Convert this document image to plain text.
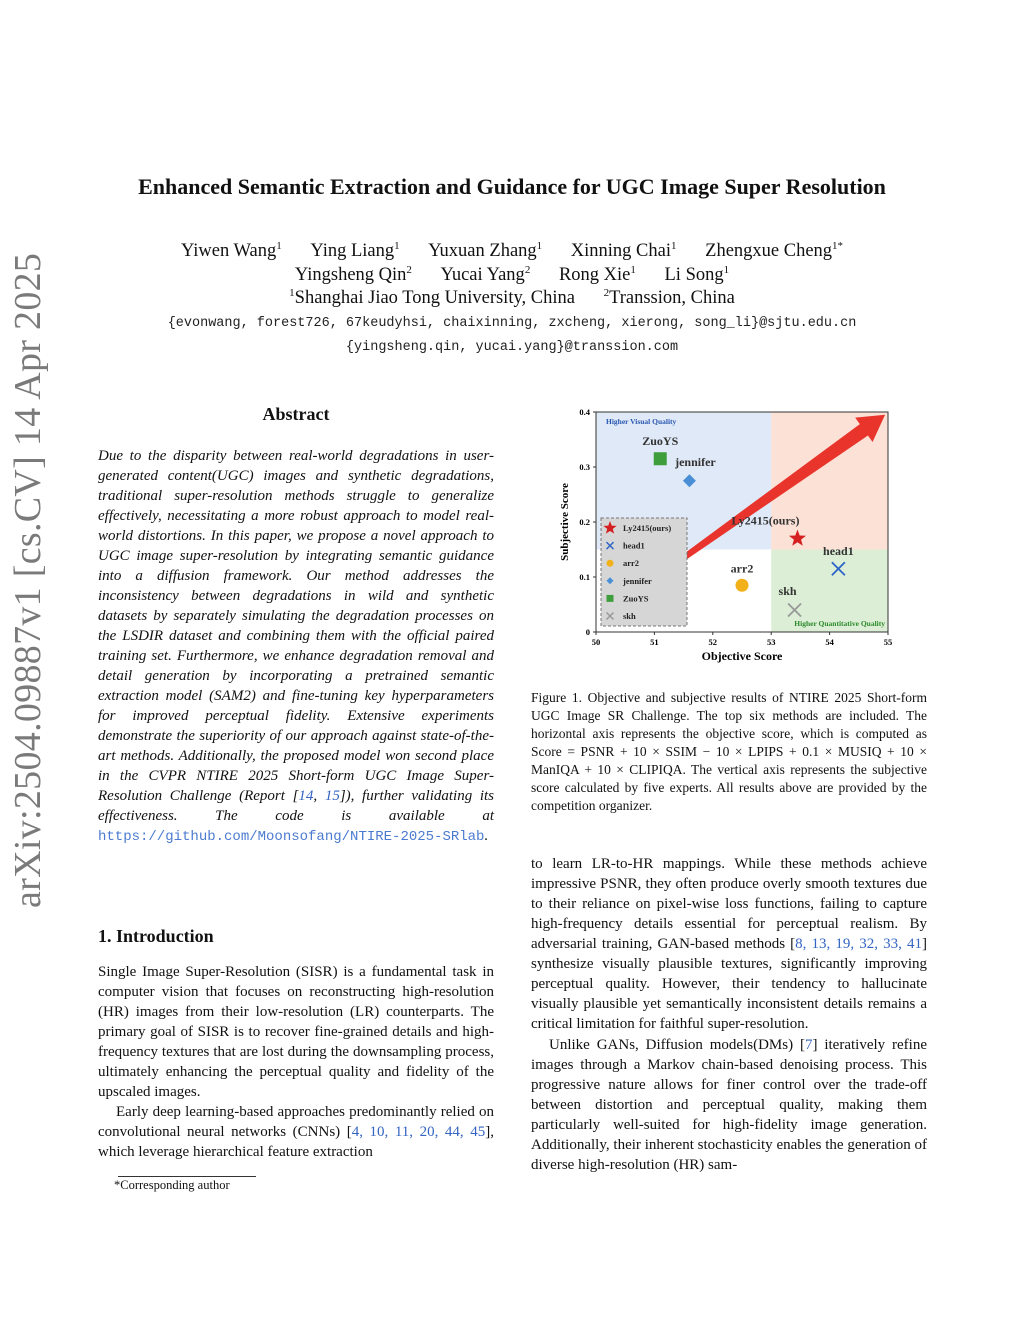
arXiv:2504.09887v1 [cs.CV] 14 Apr 2025
Enhanced Semantic Extraction and Guidance for UGC Image Super Resolution
Yiwen Wang$^1$ Ying Liang$^1$ Yuxuan Zhang$^1$ Xinning Chai$^1$ Zhengxue Cheng$^{1*}$
Yingsheng Qin$^2$ Yucai Yang$^2$ Rong Xie$^1$ Li Song$^1$
$^1$Shanghai Jiao Tong University, China	$^2$Transsion, China
{evonwang, forest726, 67keudyhsi, chaixinning, zxcheng, xierong, song_li}@sjtu.edu.cn
{yingsheng.qin, yucai.yang}@transsion.com
Abstract
Due to the disparity between real-world degradations in user-generated content(UGC) images and synthetic degradations, traditional super-resolution methods struggle to generalize effectively, necessitating a more robust approach to model real-world distortions. In this paper, we propose a novel approach to UGC image super-resolution by integrating semantic guidance into a diffusion framework. Our method addresses the inconsistency between degradations in wild and synthetic datasets by separately simulating the degradation processes on the LSDIR dataset and combining them with the official paired training set. Furthermore, we enhance degradation removal and detail generation by incorporating a pretrained semantic extraction model (SAM2) and fine-tuning key hyperparameters for improved perceptual fidelity. Extensive experiments demonstrate the superiority of our approach against state-of-the-art methods. Additionally, the proposed model won second place in the CVPR NTIRE 2025 Short-form UGC Image Super-Resolution Challenge (Report [14, 15]), further validating its effectiveness. The code is available at https://github.com/Moonsofang/NTIRE-2025-SRlab.
1. Introduction

Single Image Super-Resolution (SISR) is a fundamental task in computer vision that focuses on reconstructing high-resolution (HR) images from their low-resolution (LR) counterparts. The primary goal of SISR is to recover fine-grained details and high-frequency textures that are lost during the downsampling process, ultimately enhancing the perceptual quality and fidelity of the upscaled images.

Early deep learning-based approaches predominantly relied on convolutional neural networks (CNNs) [4, 10, 11, 20, 44, 45], which leverage hierarchical feature extraction

*Corresponding author
50	51	52	53	54	55
0
0.1
0.2
0.3
0.4
Higher Visual Quality
Higher Quantitative Quality
Ly2415(ours)
head1
arr2
jennifer
ZuoYS
skh
Ly2415(ours)
head1
arr2
jennifer
ZuoYS
skh
Objective Score
Subjective Score
Figure 1. Objective and subjective results of NTIRE 2025 Short-form UGC Image SR Challenge. The top six methods are included. The horizontal axis represents the objective score, which is computed as Score = PSNR + 10 × SSIM − 10 × LPIPS + 0.1 × MUSIQ + 10 × ManIQA + 10 × CLIPIQA. The vertical axis represents the subjective score calculated by five experts. All results above are provided by the competition organizer.

to learn LR-to-HR mappings. While these methods achieve impressive PSNR, they often produce overly smooth textures due to their reliance on pixel-wise loss functions, failing to capture high-frequency details essential for perceptual realism. By adversarial training, GAN-based methods [8, 13, 19, 32, 33, 41] synthesize visually plausible textures, significantly improving perceptual quality. However, their tendency to hallucinate visually plausible yet semantically inconsistent details remains a critical limitation for faithful super-resolution.

Unlike GANs, Diffusion models(DMs) [7] iteratively refine images through a Markov chain-based denoising process. This progressive nature allows for finer control over the trade-off between distortion and perceptual quality, making them particularly well-suited for high-fidelity image generation. Additionally, their inherent stochasticity enables the generation of diverse high-resolution (HR) sam-
